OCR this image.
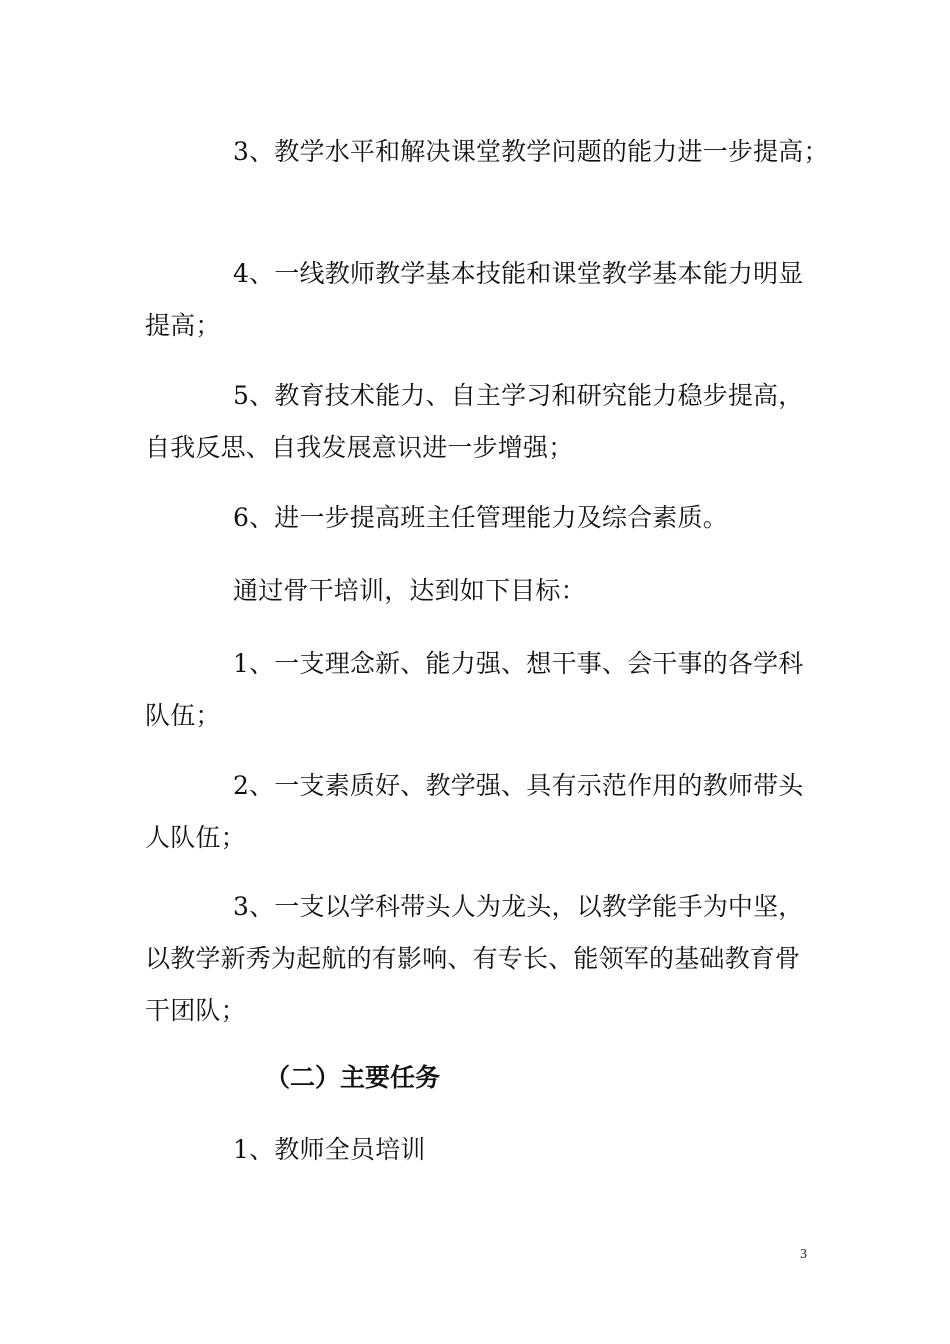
3、教学水平和解决课堂教学问题的能力进一步提高；

4、一线教师教学基本技能和课堂教学基本能力明显提高；

5、教育技术能力、自主学习和研究能力稳步提高，自我反思、自我发展意识进一步增强；

6、进一步提高班主任管理能力及综合素质。

通过骨干培训，达到如下目标：

1、一支理念新、能力强、想干事、会干事的各学科队伍；

2、一支素质好、教学强、具有示范作用的教师带头人队伍；

3、一支以学科带头人为龙头，以教学能手为中坚，以教学新秀为起航的有影响、有专长、能领军的基础教育骨干团队；

（二）主要任务

1、教师全员培训

3
